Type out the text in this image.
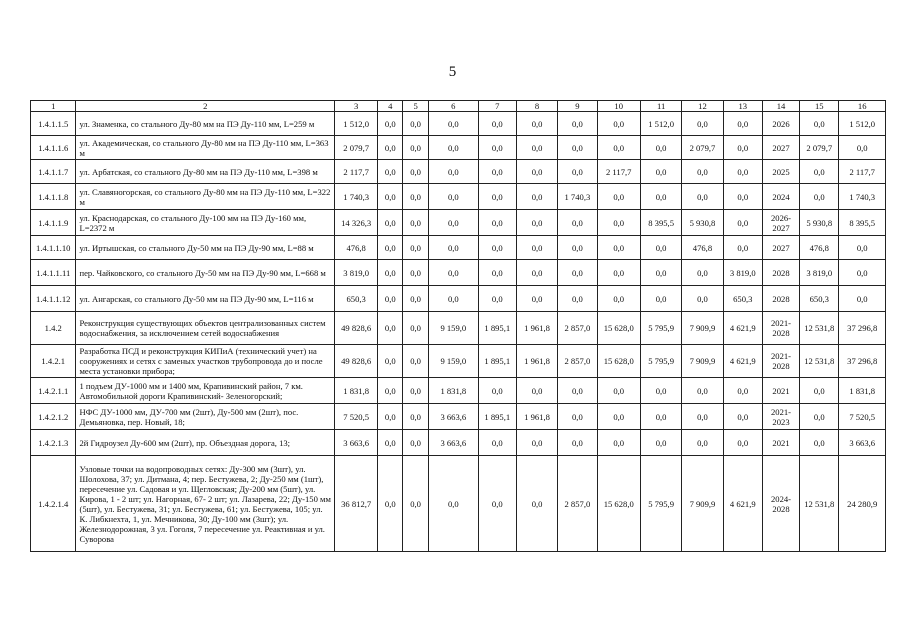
5
1	2	3	4	5	6	7	8	9	10	11	12	13	14	15	16
1.4.1.1.5	ул. Знаменка, со стального Ду-80 мм на ПЭ Ду-110 мм, L=259 м	1 512,0	0,0	0,0	0,0	0,0	0,0	0,0	0,0	1 512,0	0,0	0,0	2026	0,0	1 512,0
1.4.1.1.6	ул. Академическая, со стального Ду-80 мм на ПЭ Ду-110 мм, L=363 м	2 079,7	0,0	0,0	0,0	0,0	0,0	0,0	0,0	0,0	2 079,7	0,0	2027	2 079,7	0,0
1.4.1.1.7	ул. Арбатская, со стального Ду-80 мм на ПЭ Ду-110 мм, L=398 м	2 117,7	0,0	0,0	0,0	0,0	0,0	0,0	2 117,7	0,0	0,0	0,0	2025	0,0	2 117,7
1.4.1.1.8	ул. Славяногорская, со стального Ду-80 мм на ПЭ Ду-110 мм, L=322 м	1 740,3	0,0	0,0	0,0	0,0	0,0	1 740,3	0,0	0,0	0,0	0,0	2024	0,0	1 740,3
1.4.1.1.9	ул. Краснодарская, со стального Ду-100 мм на ПЭ Ду-160 мм, L=2372 м	14 326,3	0,0	0,0	0,0	0,0	0,0	0,0	0,0	8 395,5	5 930,8	0,0	2026-2027	5 930,8	8 395,5
1.4.1.1.10	ул. Иртышская, со стального Ду-50 мм на ПЭ Ду-90 мм, L=88 м	476,8	0,0	0,0	0,0	0,0	0,0	0,0	0,0	0,0	476,8	0,0	2027	476,8	0,0
1.4.1.1.11	пер. Чайковского, со стального Ду-50 мм на ПЭ Ду-90 мм, L=668 м	3 819,0	0,0	0,0	0,0	0,0	0,0	0,0	0,0	0,0	0,0	3 819,0	2028	3 819,0	0,0
1.4.1.1.12	ул. Ангарская, со стального Ду-50 мм на ПЭ Ду-90 мм, L=116 м	650,3	0,0	0,0	0,0	0,0	0,0	0,0	0,0	0,0	0,0	650,3	2028	650,3	0,0
1.4.2	Реконструкция существующих объектов централизованных систем водоснабжения, за исключением сетей водоснабжения	49 828,6	0,0	0,0	9 159,0	1 895,1	1 961,8	2 857,0	15 628,0	5 795,9	7 909,9	4 621,9	2021-2028	12 531,8	37 296,8
1.4.2.1	Разработка ПСД и реконструкция КИПиА (технический учет) на сооружениях и сетях с заменых участков трубопровода до и после места установки прибора;	49 828,6	0,0	0,0	9 159,0	1 895,1	1 961,8	2 857,0	15 628,0	5 795,9	7 909,9	4 621,9	2021-2028	12 531,8	37 296,8
1.4.2.1.1	1 подъем ДУ-1000 мм и 1400 мм, Крапивинский район, 7 км. Автомобильной дороги Крапивинский- Зеленогорский;	1 831,8	0,0	0,0	1 831,8	0,0	0,0	0,0	0,0	0,0	0,0	0,0	2021	0,0	1 831,8
1.4.2.1.2	НФС ДУ-1000 мм, ДУ-700 мм (2шт), Ду-500 мм (2шт), пос. Демьяновка, пер. Новый, 18;	7 520,5	0,0	0,0	3 663,6	1 895,1	1 961,8	0,0	0,0	0,0	0,0	0,0	2021-2023	0,0	7 520,5
1.4.2.1.3	2й Гидроузел Ду-600 мм (2шт), пр. Объездная дорога, 13;	3 663,6	0,0	0,0	3 663,6	0,0	0,0	0,0	0,0	0,0	0,0	0,0	2021	0,0	3 663,6
1.4.2.1.4	Узловые точки на водопроводных сетях: Ду-300 мм (3шт), ул. Шолохова, 37; ул. Дитмана, 4; пер. Бестужева, 2; Ду-250 мм (1шт), пересечение ул. Садовая и ул. Щегловская; Ду-200 мм (5шт), ул. Кирова, 1 - 2 шт; ул. Нагорная, 67- 2 шт; ул. Лазарева, 22; Ду-150 мм (5шт), ул. Бестужева, 31; ул. Бестужева, 61; ул. Бестужева, 105; ул. К. Либкнехта, 1, ул. Мечникова, 30; Ду-100 мм (3шт); ул. Железнодорожная, 3 ул. Гоголя, 7 пересечение ул. Реактивная и ул. Суворова	36 812,7	0,0	0,0	0,0	0,0	0,0	2 857,0	15 628,0	5 795,9	7 909,9	4 621,9	2024-2028	12 531,8	24 280,9
